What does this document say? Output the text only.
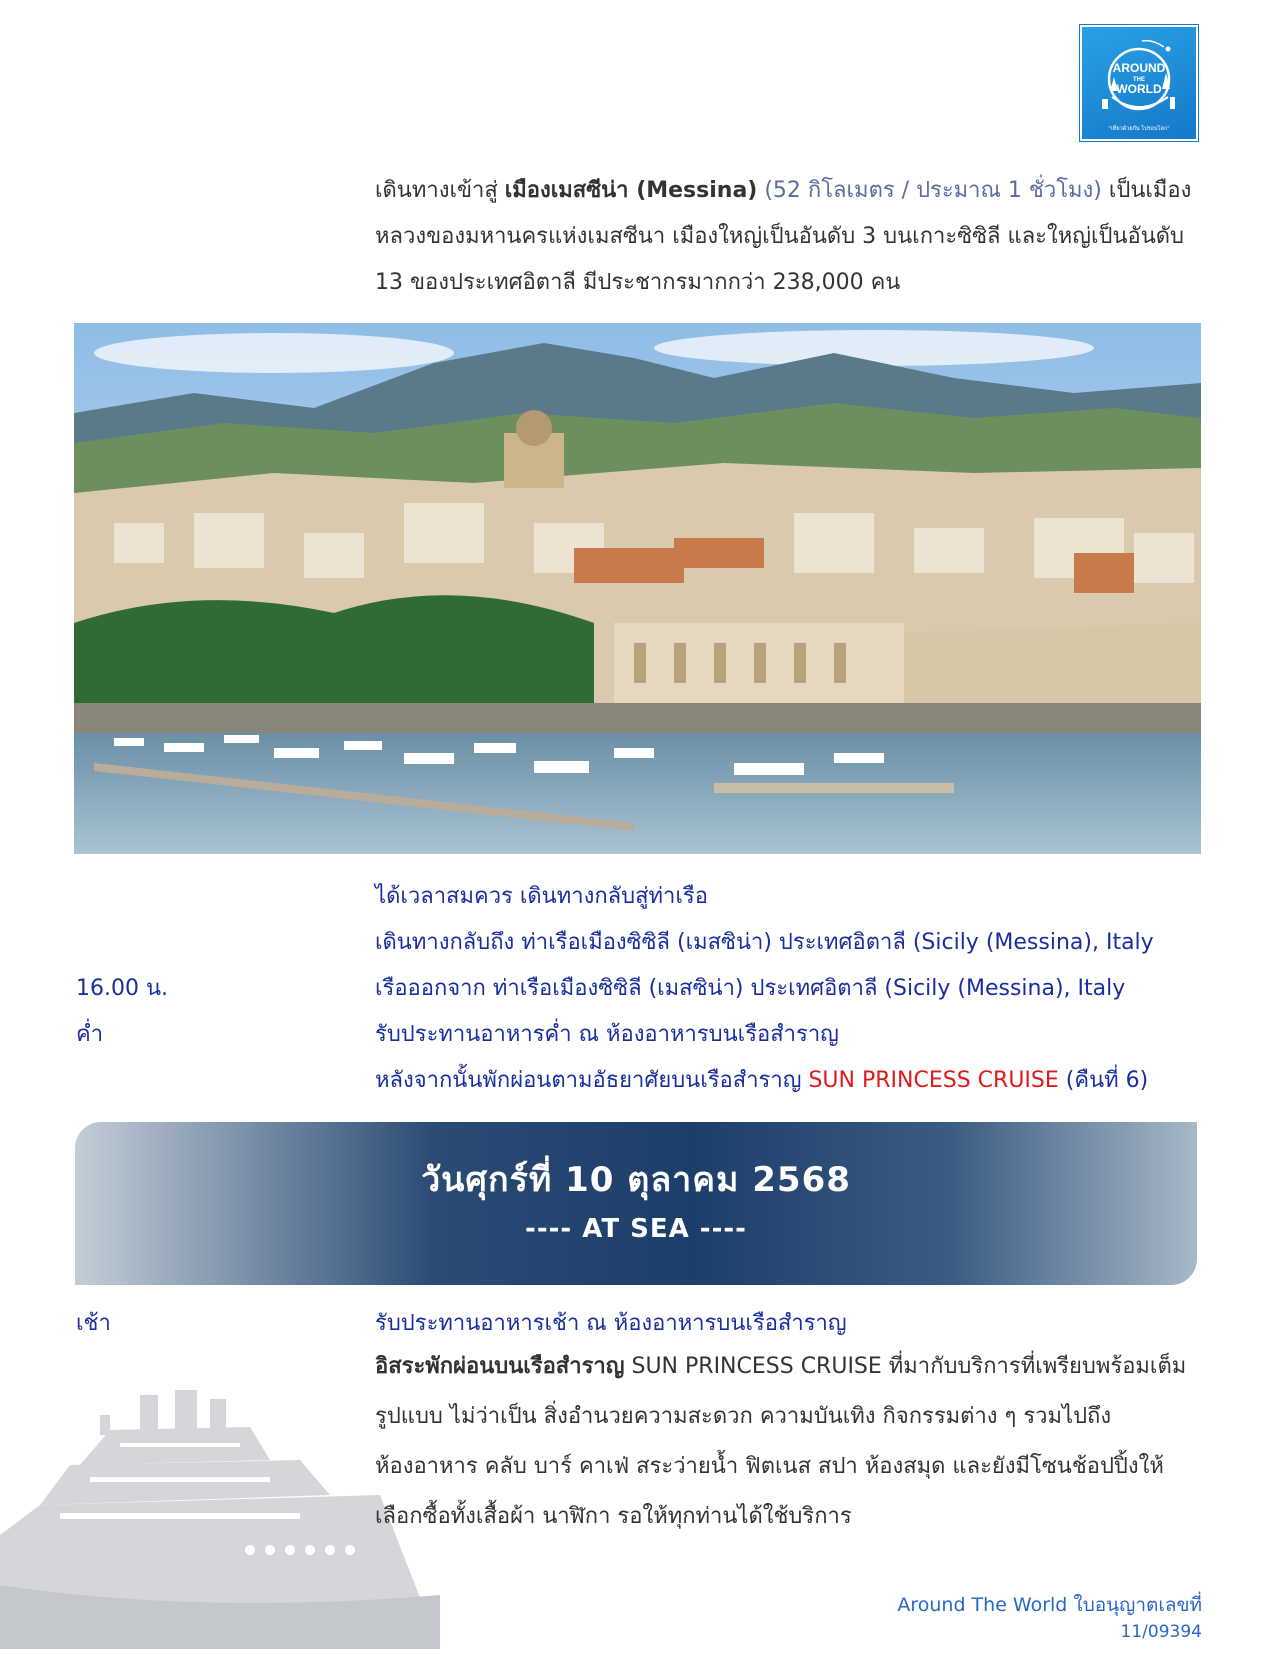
AROUND
THE
WORLD
"เที่ยวด้วยกัน ไปรอบโลก"
เดินทางเข้าสู่ เมืองเมสซีน่า (Messina) (52 กิโลเมตร / ประมาณ 1 ชั่วโมง) เป็นเมือง
หลวงของมหานครแห่งเมสซีนา เมืองใหญ่เป็นอันดับ 3 บนเกาะซิซิลี และใหญ่เป็นอันดับ
13 ของประเทศอิตาลี มีประชากรมากกว่า 238,000 คน
ได้เวลาสมควร เดินทางกลับสู่ท่าเรือ
เดินทางกลับถึง ท่าเรือเมืองซิซิลี (เมสซิน่า) ประเทศอิตาลี (Sicily (Messina), Italy
16.00 น.	เรือออกจาก ท่าเรือเมืองซิซิลี (เมสซิน่า) ประเทศอิตาลี (Sicily (Messina), Italy
ค่ำ	รับประทานอาหารค่ำ ณ ห้องอาหารบนเรือสำราญ
หลังจากนั้นพักผ่อนตามอัธยาศัยบนเรือสำราญ SUN PRINCESS CRUISE (คืนที่ 6)
วันศุกร์ที่ 10 ตุลาคม 2568
---- AT SEA ----
เช้า	รับประทานอาหารเช้า ณ ห้องอาหารบนเรือสำราญ
อิสระพักผ่อนบนเรือสำราญ SUN PRINCESS CRUISE ที่มากับบริการที่เพรียบพร้อมเต็ม
รูปแบบ ไม่ว่าเป็น สิ่งอำนวยความสะดวก ความบันเทิง กิจกรรมต่าง ๆ รวมไปถึง
ห้องอาหาร คลับ บาร์ คาเฟ่ สระว่ายน้ำ ฟิตเนส สปา ห้องสมุด และยังมีโซนช้อปปิ้งให้
เลือกซื้อทั้งเสื้อผ้า นาฬิกา รอให้ทุกท่านได้ใช้บริการ
Around The World ใบอนุญาตเลขที่ 11/09394
